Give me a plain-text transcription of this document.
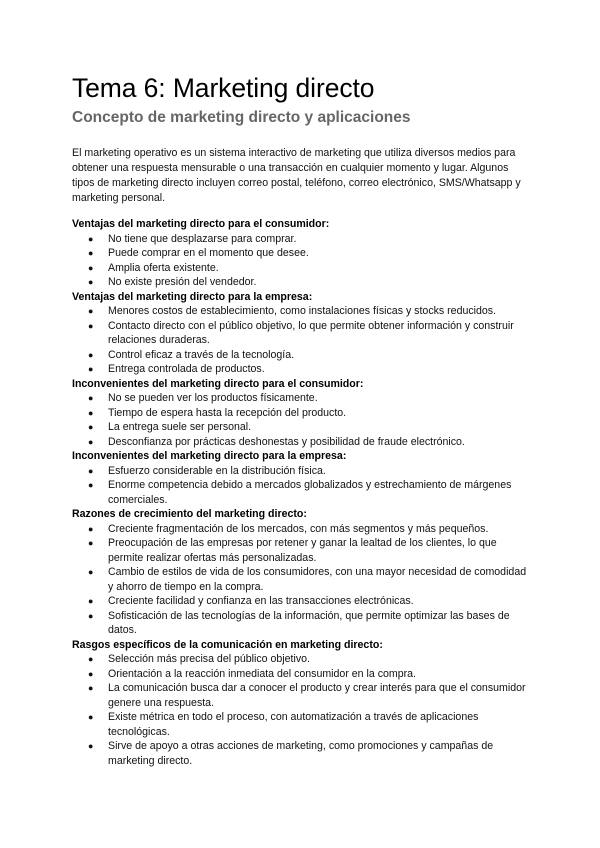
Tema 6: Marketing directo
Concepto de marketing directo y aplicaciones

El marketing operativo es un sistema interactivo de marketing que utiliza diversos medios para obtener una respuesta mensurable o una transacción en cualquier momento y lugar. Algunos tipos de marketing directo incluyen correo postal, teléfono, correo electrónico, SMS/Whatsapp y marketing personal.

Ventajas del marketing directo para el consumidor:
● No tiene que desplazarse para comprar.
● Puede comprar en el momento que desee.
● Amplia oferta existente.
● No existe presión del vendedor.
Ventajas del marketing directo para la empresa:
● Menores costos de establecimiento, como instalaciones físicas y stocks reducidos.
● Contacto directo con el público objetivo, lo que permite obtener información y construir relaciones duraderas.
● Control eficaz a través de la tecnología.
● Entrega controlada de productos.
Inconvenientes del marketing directo para el consumidor:
● No se pueden ver los productos físicamente.
● Tiempo de espera hasta la recepción del producto.
● La entrega suele ser personal.
● Desconfianza por prácticas deshonestas y posibilidad de fraude electrónico.
Inconvenientes del marketing directo para la empresa:
● Esfuerzo considerable en la distribución física.
● Enorme competencia debido a mercados globalizados y estrechamiento de márgenes comerciales.
Razones de crecimiento del marketing directo:
● Creciente fragmentación de los mercados, con más segmentos y más pequeños.
● Preocupación de las empresas por retener y ganar la lealtad de los clientes, lo que permite realizar ofertas más personalizadas.
● Cambio de estilos de vida de los consumidores, con una mayor necesidad de comodidad y ahorro de tiempo en la compra.
● Creciente facilidad y confianza en las transacciones electrónicas.
● Sofisticación de las tecnologías de la información, que permite optimizar las bases de datos.
Rasgos específicos de la comunicación en marketing directo:
● Selección más precisa del público objetivo.
● Orientación a la reacción inmediata del consumidor en la compra.
● La comunicación busca dar a conocer el producto y crear interés para que el consumidor genere una respuesta.
● Existe métrica en todo el proceso, con automatización a través de aplicaciones tecnológicas.
● Sirve de apoyo a otras acciones de marketing, como promociones y campañas de marketing directo.
